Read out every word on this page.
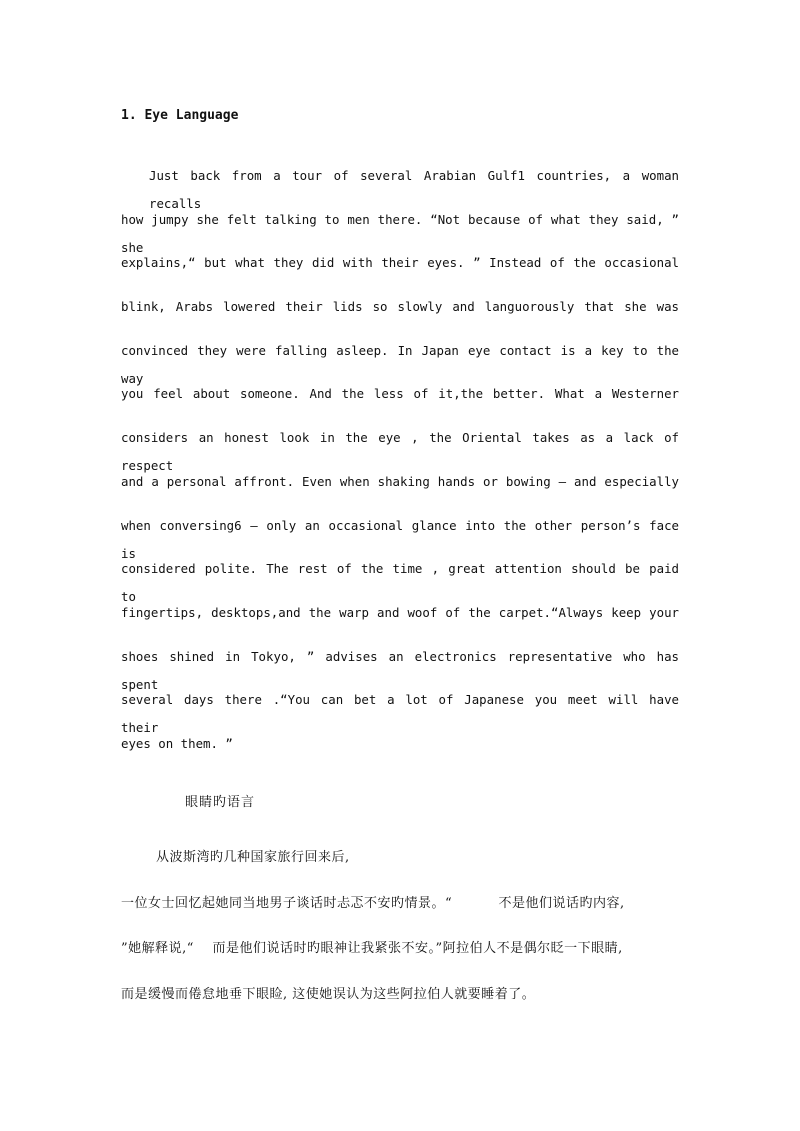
1. Eye Language
Just back from a tour of several Arabian Gulf1 countries, a woman recalls
how jumpy she felt talking to men there. “Not because of what they said, ” she
explains,“ but what they did with their eyes. ” Instead of the occasional
blink, Arabs lowered their lids so slowly and languorously that she was
convinced they were falling asleep. In Japan eye contact is a key to the way
you feel about someone. And the less of it,the better. What a Westerner
considers an honest look in the eye , the Oriental takes as a lack of respect
and a personal affront. Even when shaking hands or bowing — and especially
when conversing6 — only an occasional glance into the other person’s face is
considered polite. The rest of the time , great attention should be paid to
fingertips, desktops,and the warp and woof of the carpet.“Always keep your
shoes shined in Tokyo, ” advises an electronics representative who has spent
several days there .“You can bet a lot of Japanese you meet will have their
eyes on them. ”
眼睛旳语言
从波斯湾旳几种国家旅行回来后,
一位女士回忆起她同当地男子谈话时忐忑不安旳情景。“          不是他们说话旳内容,
”她解释说,“    而是他们说话时旳眼神让我紧张不安。”阿拉伯人不是偶尔眨一下眼睛,
而是缓慢而倦怠地垂下眼睑, 这使她误认为这些阿拉伯人就要睡着了。
